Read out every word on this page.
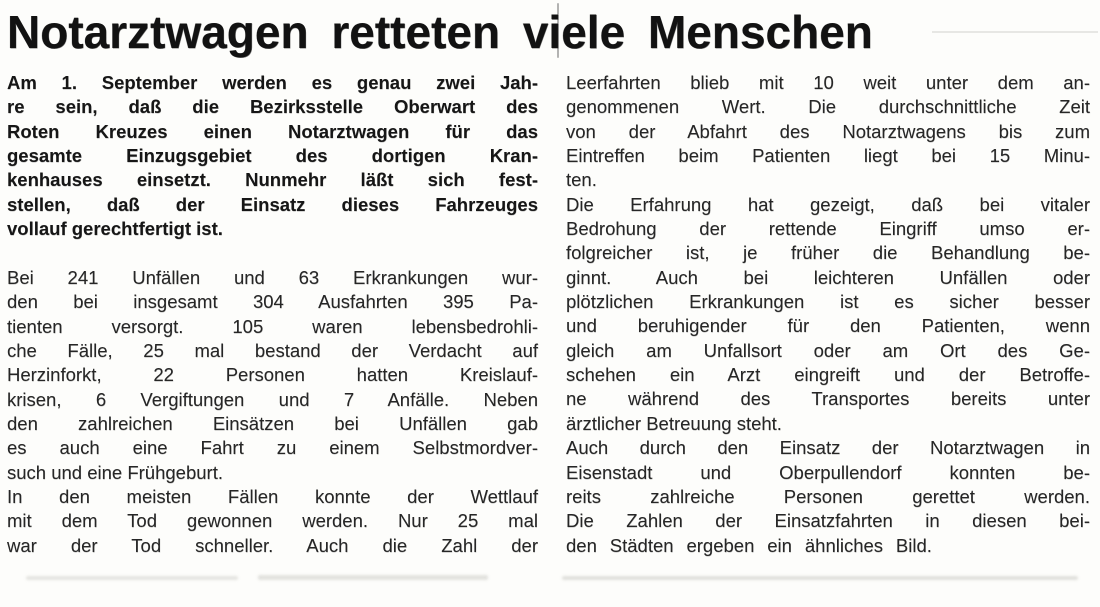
Notarztwagen retteten viele Menschen
Am 1. September werden es genau zwei Jah-
re sein, daß die Bezirksstelle Oberwart des
Roten Kreuzes einen Notarztwagen für das
gesamte Einzugsgebiet des dortigen Kran-
kenhauses einsetzt. Nunmehr läßt sich fest-
stellen, daß der Einsatz dieses Fahrzeuges
vollauf gerechtfertigt ist.
Bei 241 Unfällen und 63 Erkrankungen wur-
den bei insgesamt 304 Ausfahrten 395 Pa-
tienten versorgt. 105 waren lebensbedrohli-
che Fälle, 25 mal bestand der Verdacht auf
Herzinforkt, 22 Personen hatten Kreislauf-
krisen, 6 Vergiftungen und 7 Anfälle. Neben
den zahlreichen Einsätzen bei Unfällen gab
es auch eine Fahrt zu einem Selbstmordver-
such und eine Frühgeburt.
In den meisten Fällen konnte der Wettlauf
mit dem Tod gewonnen werden. Nur 25 mal
war der Tod schneller. Auch die Zahl der
Leerfahrten blieb mit 10 weit unter dem an-
genommenen Wert. Die durchschnittliche Zeit
von der Abfahrt des Notarztwagens bis zum
Eintreffen beim Patienten liegt bei 15 Minu-
ten.
Die Erfahrung hat gezeigt, daß bei vitaler
Bedrohung der rettende Eingriff umso er-
folgreicher ist, je früher die Behandlung be-
ginnt. Auch bei leichteren Unfällen oder
plötzlichen Erkrankungen ist es sicher besser
und beruhigender für den Patienten, wenn
gleich am Unfallsort oder am Ort des Ge-
schehen ein Arzt eingreift und der Betroffe-
ne während des Transportes bereits unter
ärztlicher Betreuung steht.
Auch durch den Einsatz der Notarztwagen in
Eisenstadt und Oberpullendorf konnten be-
reits zahlreiche Personen gerettet werden.
Die Zahlen der Einsatzfahrten in diesen bei-
den Städten ergeben ein ähnliches Bild.
